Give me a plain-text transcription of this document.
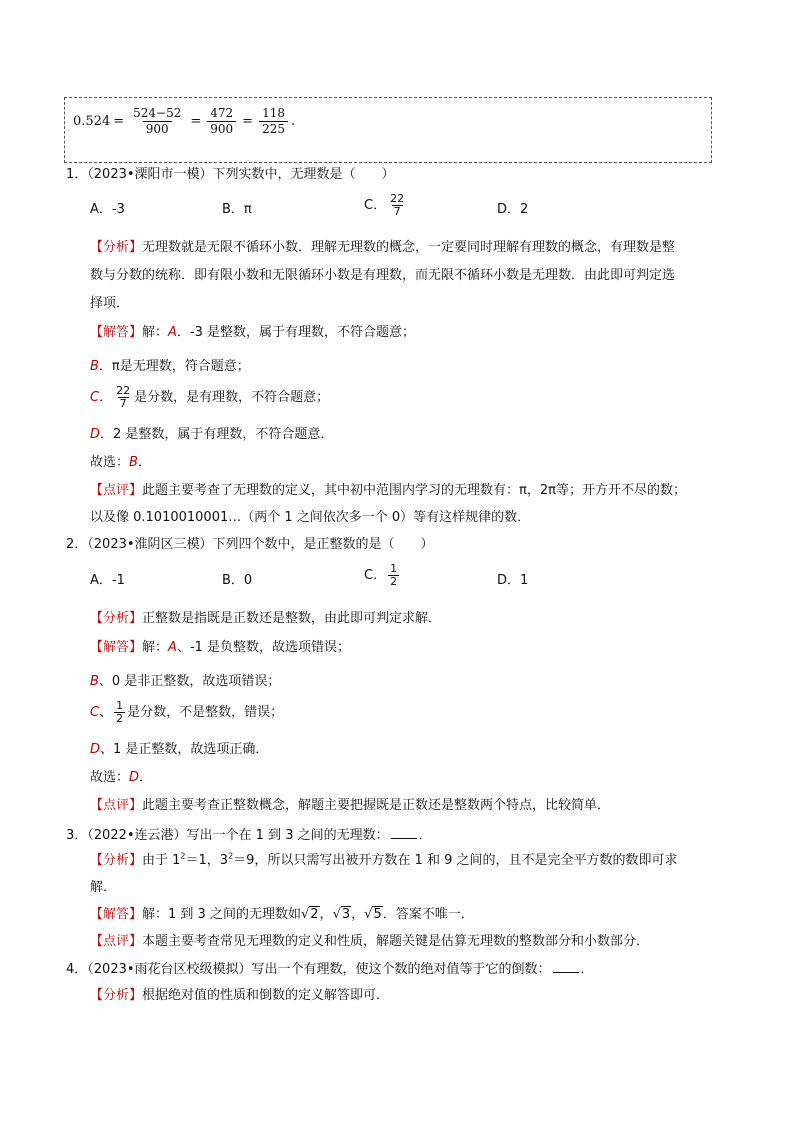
$0.524 = \frac{524-52}{900} = \frac{472}{900} = \frac{118}{225}$ .
1．（2023•溧阳市一模）下列实数中，无理数是（　　）
A．-3	B．π	C． $\frac{22}{7}$	D．2
【分析】无理数就是无限不循环小数．理解无理数的概念，一定要同时理解有理数的概念，有理数是整
数与分数的统称．即有限小数和无限循环小数是有理数，而无限不循环小数是无理数．由此即可判定选
择项．
【解答】解：A．-3 是整数，属于有理数，不符合题意；
B．π是无理数，符合题意；
C ． 22
7 是分数，是有理数，不符合题意；
D．2 是整数，属于有理数，不符合题意．
故选：B．
【点评】此题主要考查了无理数的定义，其中初中范围内学习的无理数有：π，2π等；开方开不尽的数；
以及像 0.1010010001…（两个 1 之间依次多一个 0）等有这样规律的数．
2．（2023•淮阴区三模）下列四个数中，是正整数的是（　　）
A．-1	B．0	C． 1
2	D．1
【分析】正整数是指既是正数还是整数，由此即可判定求解．
【解答】解：A、-1 是负整数，故选项错误；
B、0 是非正整数，故选项错误；
C 、 1
2 是分数，不是整数，错误；
D、1 是正整数，故选项正确．
故选：D．
【点评】此题主要考查正整数概念，解题主要把握既是正数还是整数两个特点，比较简单．
3．（2022•连云港）写出一个在 1 到 3 之间的无理数： ．
【分析】由于 $1^2=1$，$3^2=9$，所以只需写出被开方数在 1 和 9 之间的，且不是完全平方数的数即可求
解．
【解答】解：1 到 3 之间的无理数如 √ 2 ， √ 3 ， √ 5 ．答案不唯一．
【点评】本题主要考查常见无理数的定义和性质，解题关键是估算无理数的整数部分和小数部分．
4．（2023•雨花台区校级模拟）写出一个有理数，使这个数的绝对值等于它的倒数： ．
【分析】根据绝对值的性质和倒数的定义解答即可．
